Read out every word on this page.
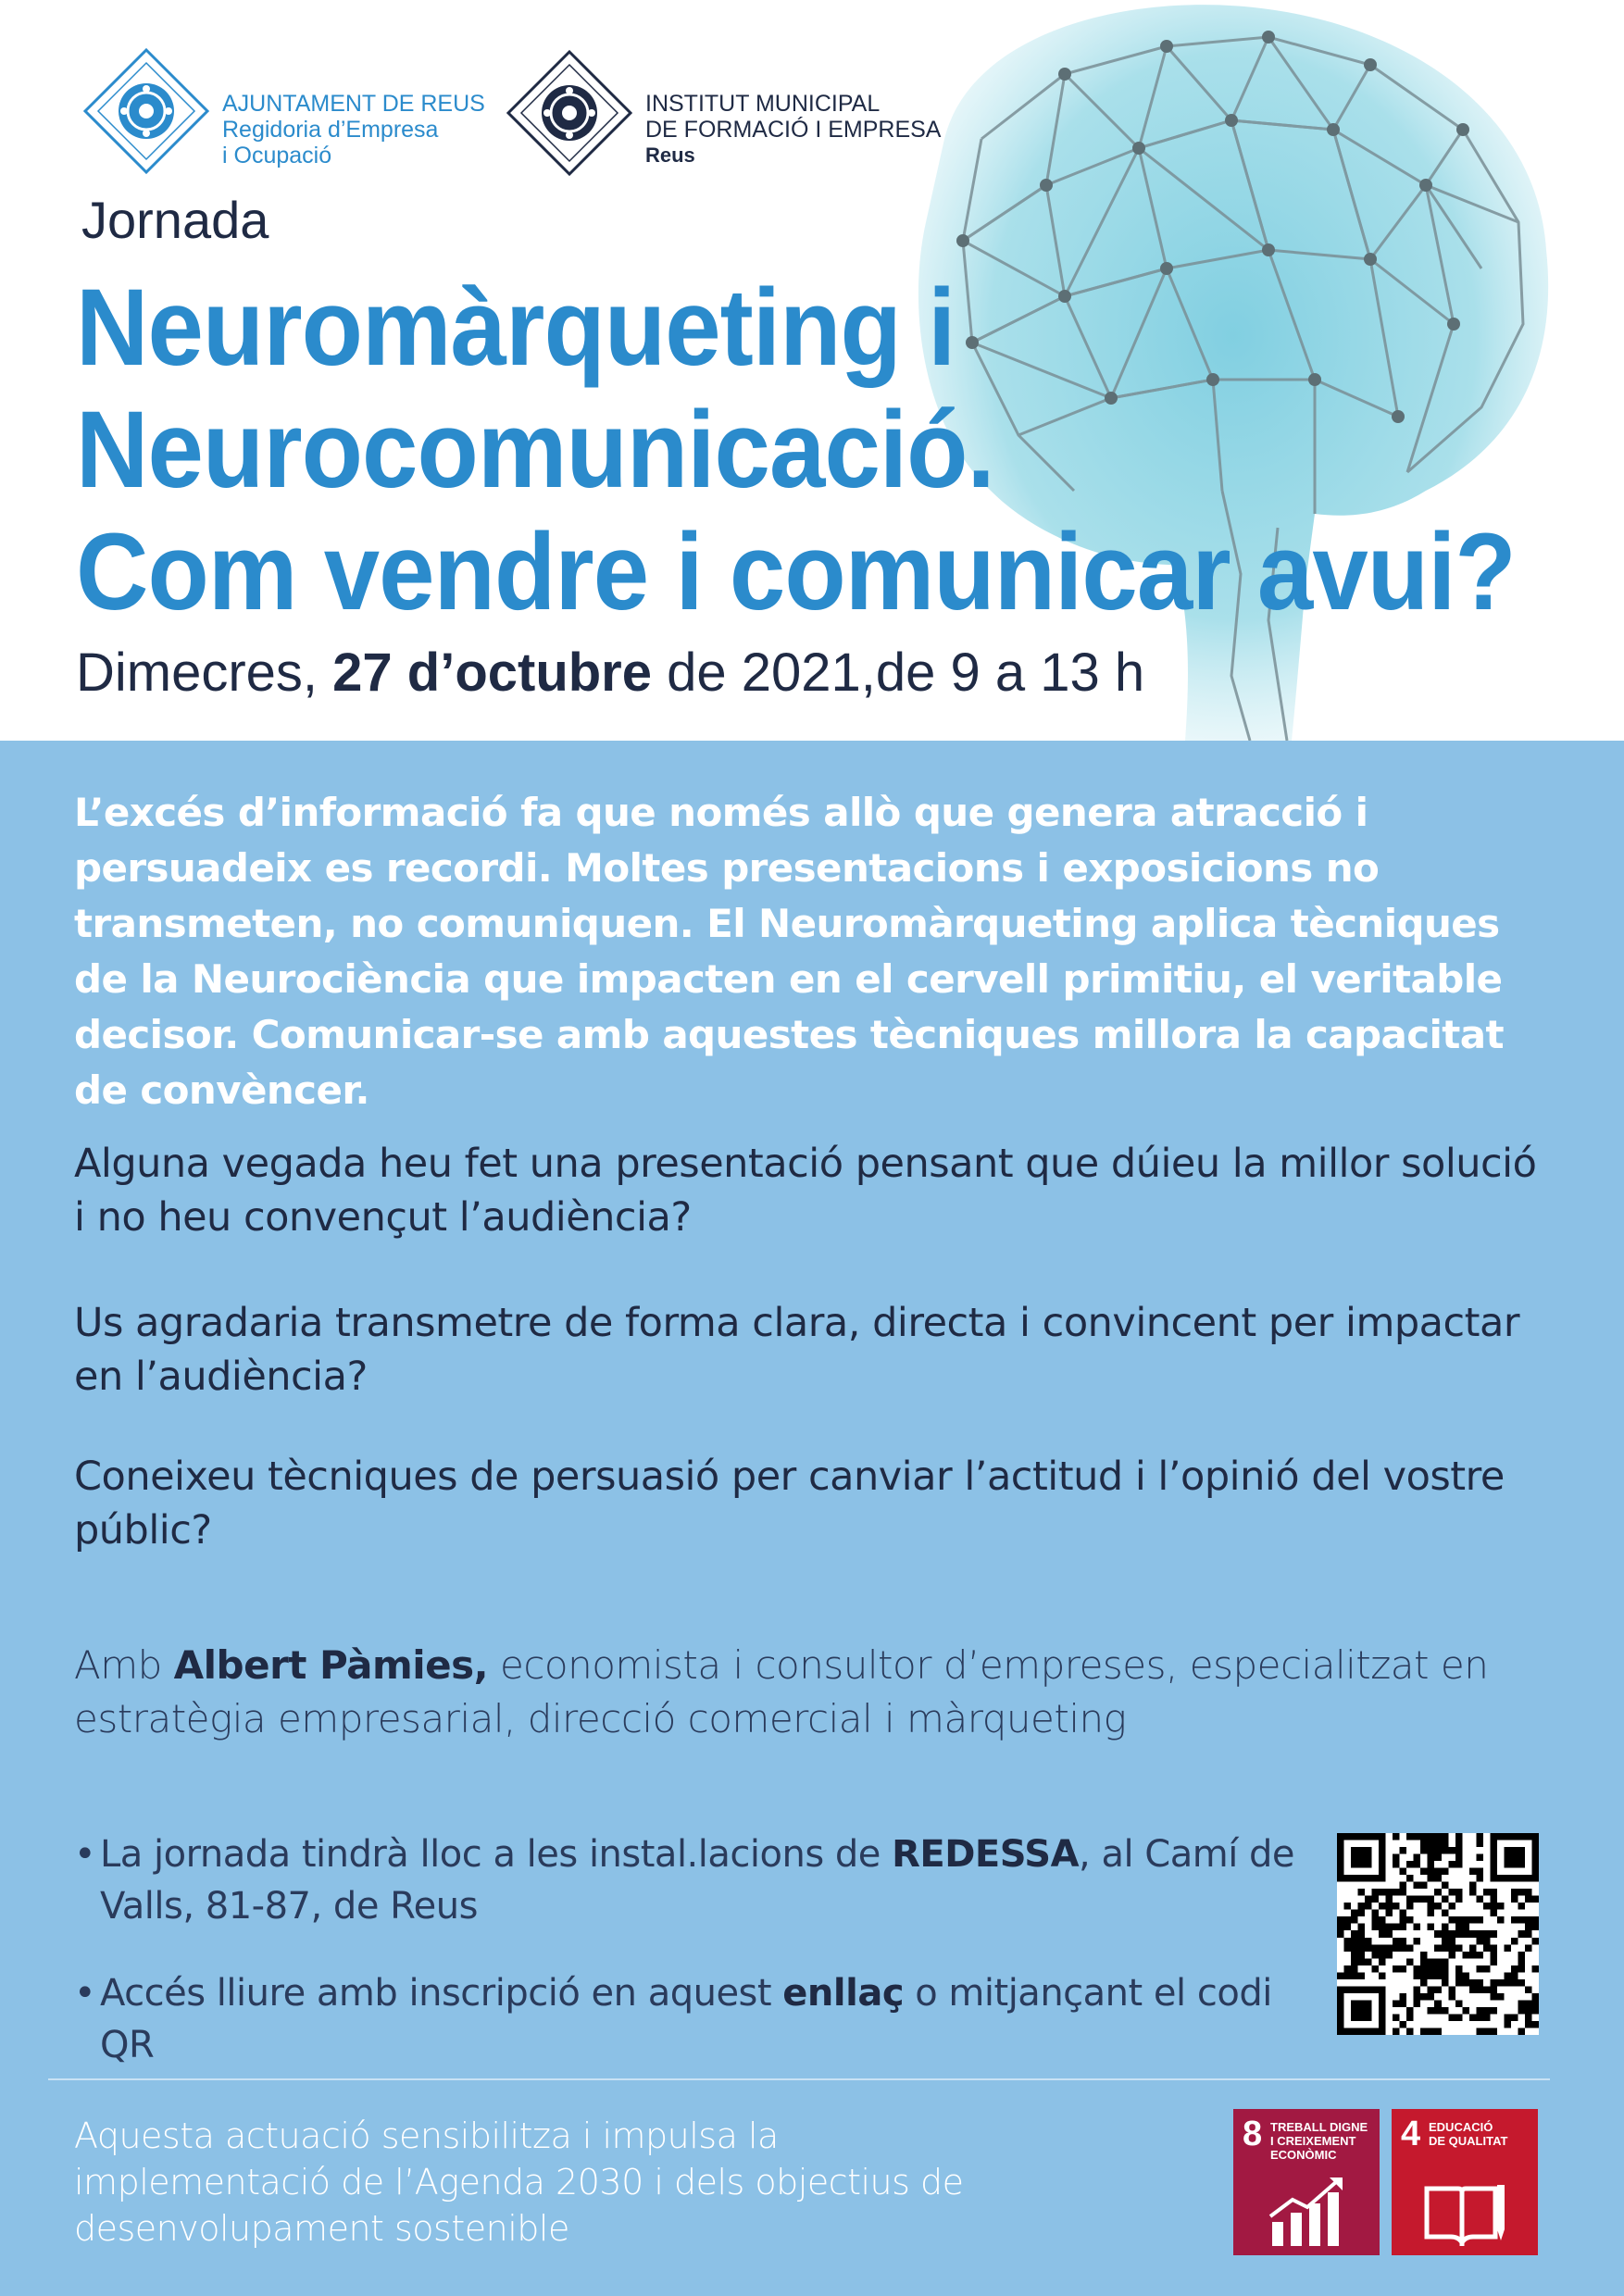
AJUNTAMENT DE REUS
Regidoria d’Empresa
i Ocupació
INSTITUT MUNICIPAL
DE FORMACIÓ I EMPRESA
Reus
Jornada
Neuromàrqueting i
Neurocomunicació.
Com vendre i comunicar avui?
Dimecres, 27 d’octubre de 2021,de 9 a 13 h

L’excés d’informació fa que només allò que genera atracció i persuadeix es recordi. Moltes presentacions i exposicions no transmeten, no comuniquen. El Neuromàrqueting aplica tècniques de la Neurociència que impacten en el cervell primitiu, el veritable decisor. Comunicar-se amb aquestes tècniques millora la capacitat de convèncer.

Alguna vegada heu fet una presentació pensant que dúieu la millor solució i no heu convençut l’audiència?

Us agradaria transmetre de forma clara, directa i convincent per impactar en l’audiència?

Coneixeu tècniques de persuasió per canviar l’actitud i l’opinió del vostre públic?

Amb Albert Pàmies, economista i consultor d’empreses, especialitzat en estratègia empresarial, direcció comercial i màrqueting

• La jornada tindrà lloc a les instal.lacions de REDESSA, al Camí de Valls, 81-87, de Reus
• Accés lliure amb inscripció en aquest enllaç o mitjançant el codi QR

Aquesta actuació sensibilitza i impulsa la implementació de l’Agenda 2030 i dels objectius de desenvolupament sostenible

8 TREBALL DIGNE
I CREIXEMENT
ECONÒMIC
4 EDUCACIÓ
DE QUALITAT
